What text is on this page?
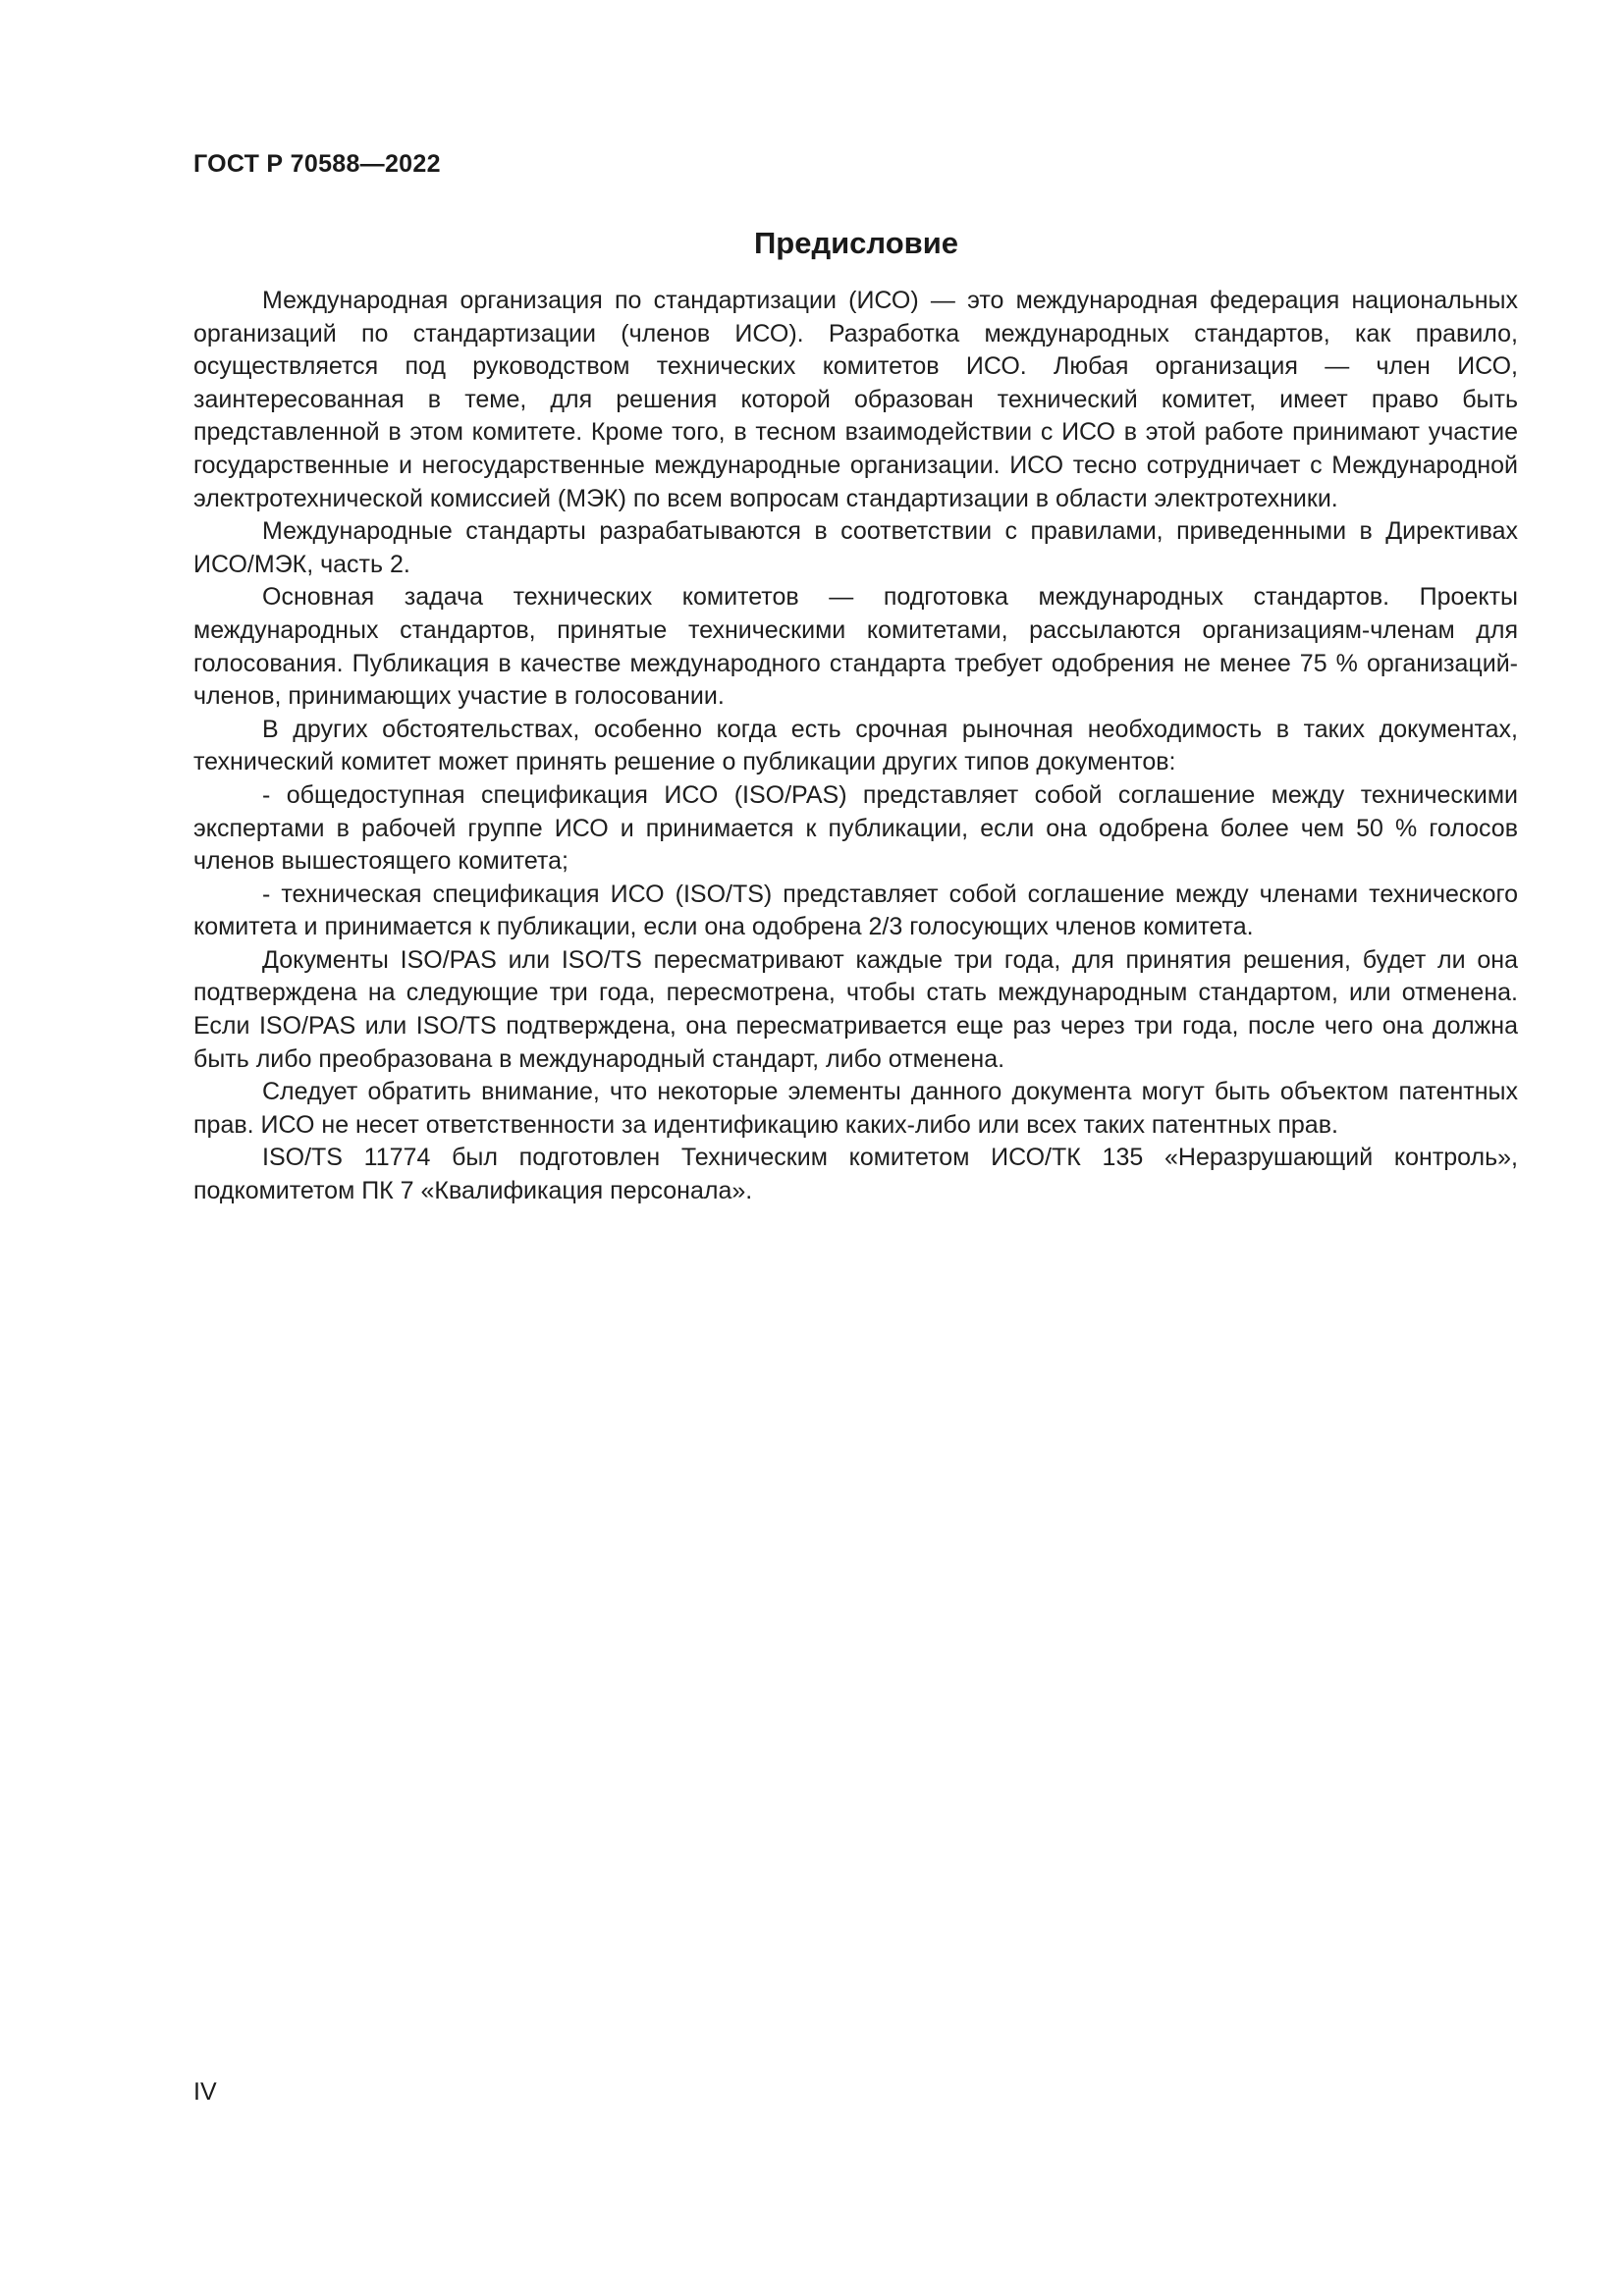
ГОСТ Р 70588—2022
Предисловие

Международная организация по стандартизации (ИСО) — это международная федерация национальных организаций по стандартизации (членов ИСО). Разработка международных стандартов, как правило, осуществляется под руководством технических комитетов ИСО. Любая организация — член ИСО, заинтересованная в теме, для решения которой образован технический комитет, имеет право быть представленной в этом комитете. Кроме того, в тесном взаимодействии с ИСО в этой работе принимают участие государственные и негосударственные международные организации. ИСО тесно сотрудничает с Международной электротехнической комиссией (МЭК) по всем вопросам стандартизации в области электротехники.

Международные стандарты разрабатываются в соответствии с правилами, приведенными в Директивах ИСО/МЭК, часть 2.

Основная задача технических комитетов — подготовка международных стандартов. Проекты международных стандартов, принятые техническими комитетами, рассылаются организациям-членам для голосования. Публикация в качестве международного стандарта требует одобрения не менее 75 % организаций-членов, принимающих участие в голосовании.

В других обстоятельствах, особенно когда есть срочная рыночная необходимость в таких документах, технический комитет может принять решение о публикации других типов документов:

- общедоступная спецификация ИСО (ISO/PAS) представляет собой соглашение между техническими экспертами в рабочей группе ИСО и принимается к публикации, если она одобрена более чем 50 % голосов членов вышестоящего комитета;

- техническая спецификация ИСО (ISO/TS) представляет собой соглашение между членами технического комитета и принимается к публикации, если она одобрена 2/3 голосующих членов комитета.

Документы ISO/PAS или ISO/TS пересматривают каждые три года, для принятия решения, будет ли она подтверждена на следующие три года, пересмотрена, чтобы стать международным стандартом, или отменена. Если ISO/PAS или ISO/TS подтверждена, она пересматривается еще раз через три года, после чего она должна быть либо преобразована в международный стандарт, либо отменена.

Следует обратить внимание, что некоторые элементы данного документа могут быть объектом патентных прав. ИСО не несет ответственности за идентификацию каких-либо или всех таких патентных прав.

ISO/TS 11774 был подготовлен Техническим комитетом ИСО/ТК 135 «Неразрушающий контроль», подкомитетом ПК 7 «Квалификация персонала».

IV
